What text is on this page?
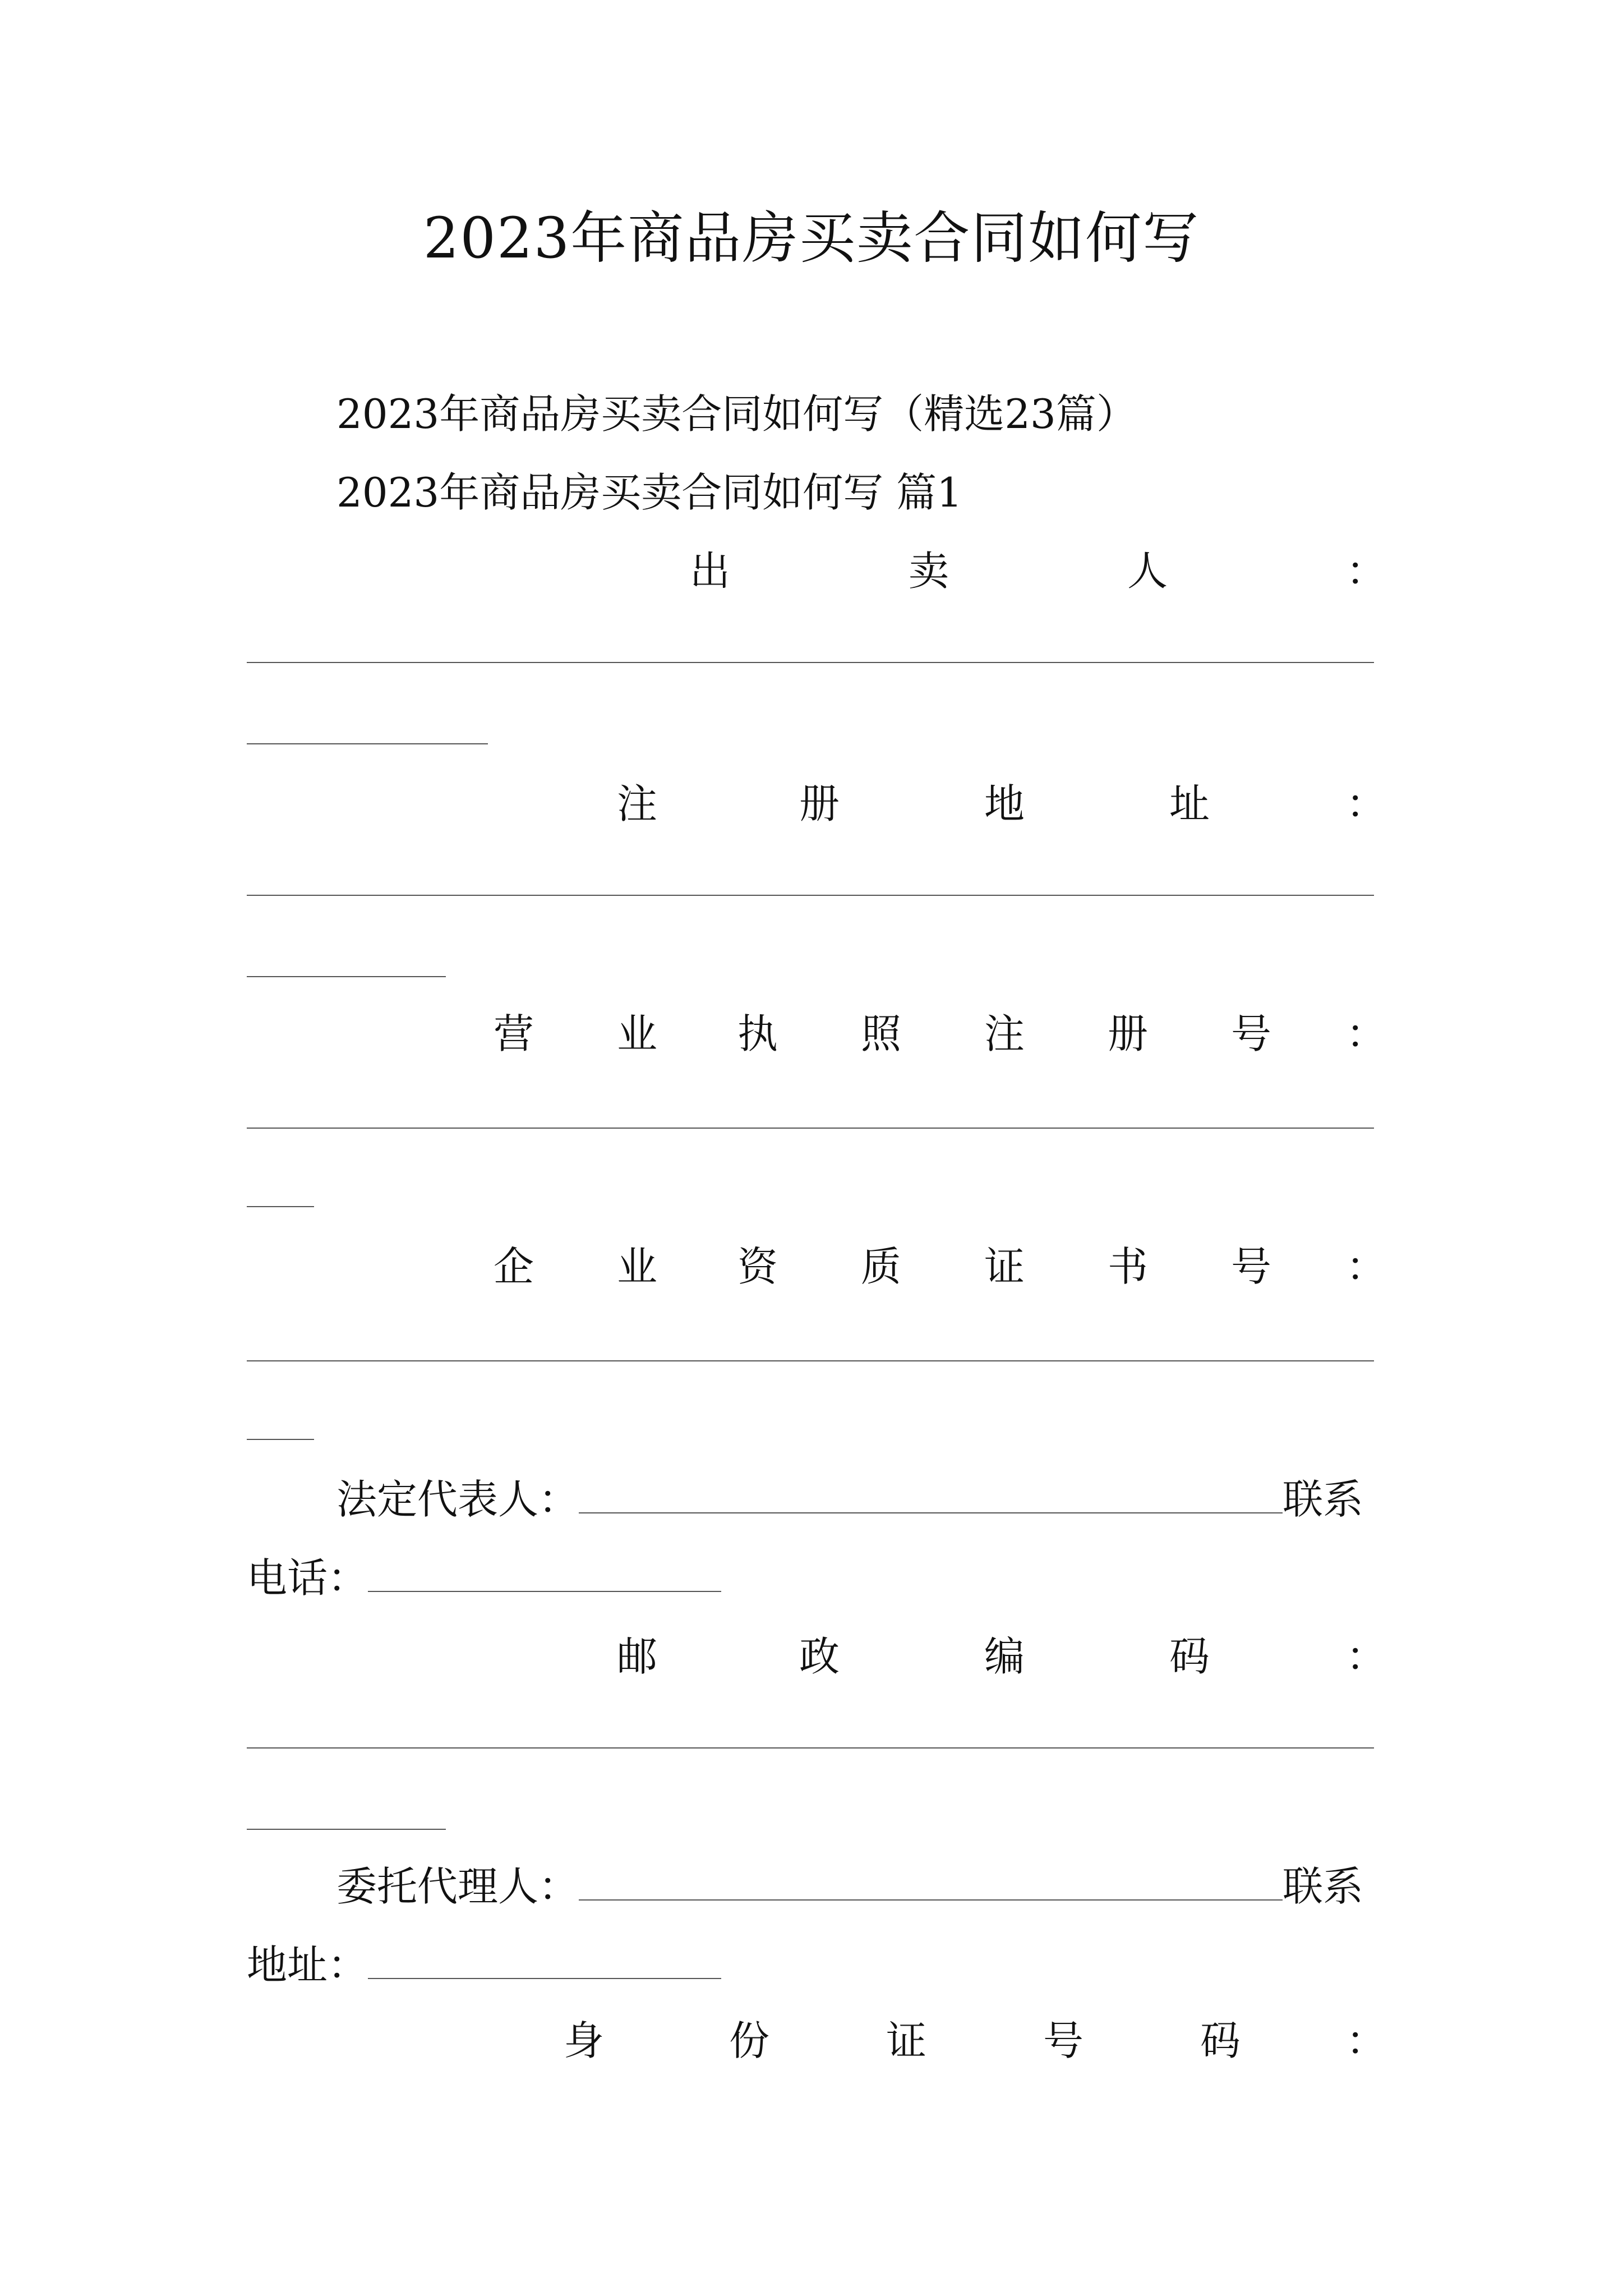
2023年商品房买卖合同如何写
2023年商品房买卖合同如何写（精选23篇）
2023年商品房买卖合同如何写 篇1
出	卖	人	：
注	册	地	址	：
营 业 执 照 注 册 号 ：
企 业 资 质 证 书 号 ：
法定代表人：	联系
电话：
邮	政	编	码	：
委托代理人：	联系
地址：
身	份	证	号	码	：
